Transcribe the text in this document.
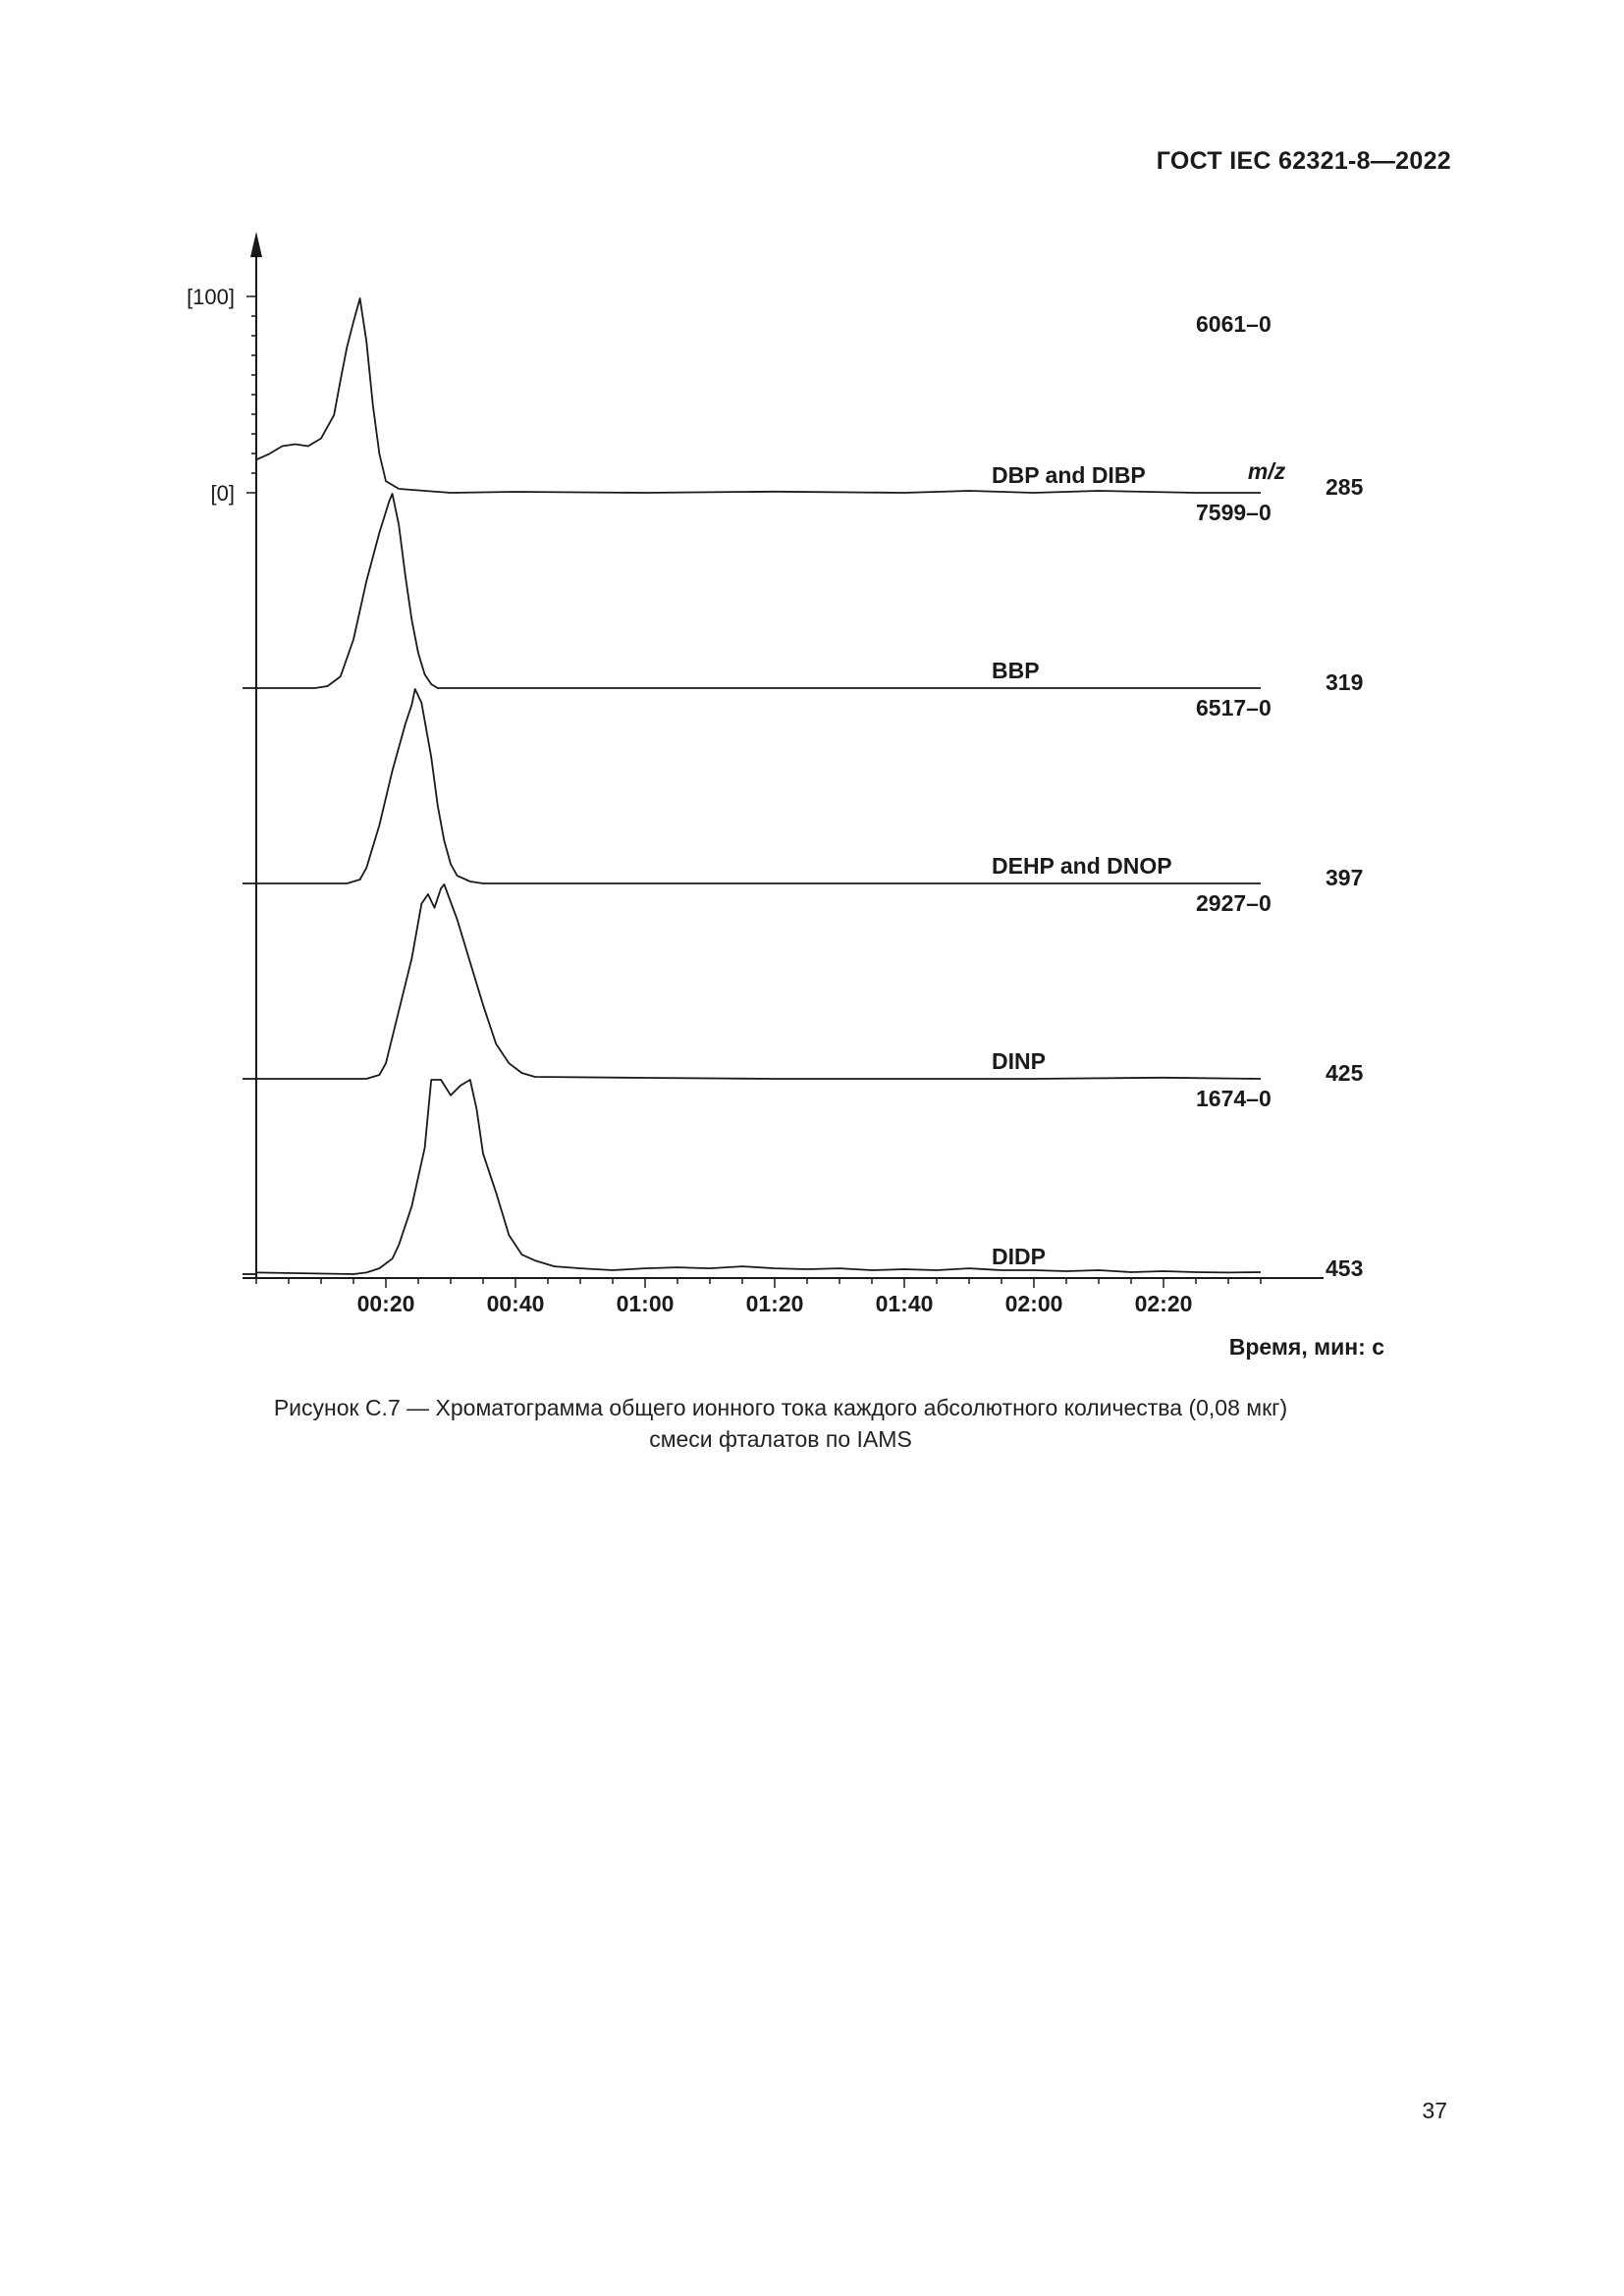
ГОСТ IEC 62321-8—2022
[100]
[0]
00:20	00:40	01:00	01:20	01:40	02:00	02:20
Время, мин: с
m/z
DBP and DIBP	285
6061–0
BBP	319
7599–0
DEHP and DNOP	397
6517–0
DINP	425
2927–0
DIDP	453
1674–0
Рисунок С.7 — Хроматограмма общего ионного тока каждого абсолютного количества (0,08 мкг)
смеси фталатов по IAMS
37
